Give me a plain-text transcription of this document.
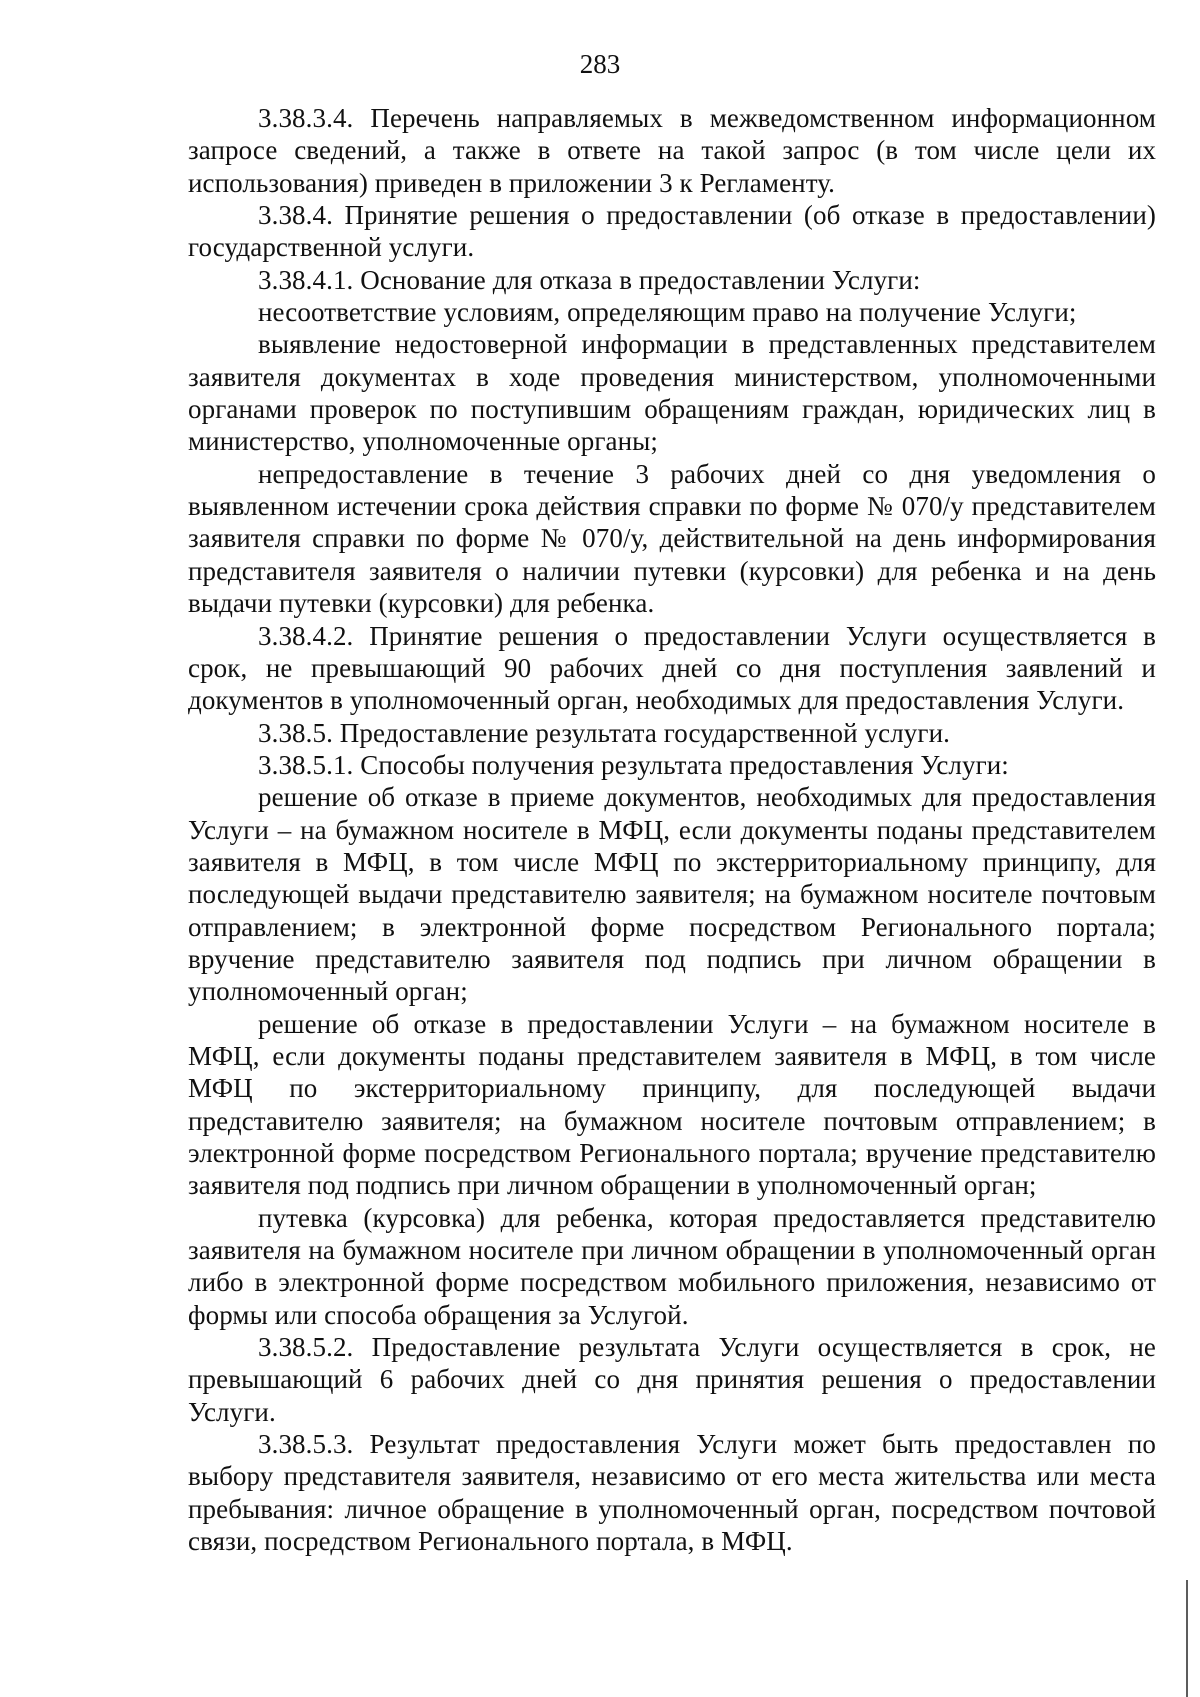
283

3.38.3.4. Перечень направляемых в межведомственном информационном запросе сведений, а также в ответе на такой запрос (в том числе цели их использования) приведен в приложении 3 к Регламенту.

3.38.4. Принятие решения о предоставлении (об отказе в предоставлении) государственной услуги.

3.38.4.1. Основание для отказа в предоставлении Услуги:

несоответствие условиям, определяющим право на получение Услуги;

выявление недостоверной информации в представленных представителем заявителя документах в ходе проведения министерством, уполномоченными органами проверок по поступившим обращениям граждан, юридических лиц в министерство, уполномоченные органы;

непредоставление в течение 3 рабочих дней со дня уведомления о выявленном истечении срока действия справки по форме № 070/у представителем заявителя справки по форме № 070/у, действительной на день информирования представителя заявителя о наличии путевки (курсовки) для ребенка и на день выдачи путевки (курсовки) для ребенка.

3.38.4.2. Принятие решения о предоставлении Услуги осуществляется в срок, не превышающий 90 рабочих дней со дня поступления заявлений и документов в уполномоченный орган, необходимых для предоставления Услуги.

3.38.5. Предоставление результата государственной услуги.

3.38.5.1. Способы получения результата предоставления Услуги:

решение об отказе в приеме документов, необходимых для предоставления Услуги – на бумажном носителе в МФЦ, если документы поданы представителем заявителя в МФЦ, в том числе МФЦ по экстерриториальному принципу, для последующей выдачи представителю заявителя; на бумажном носителе почтовым отправлением; в электронной форме посредством Регионального портала; вручение представителю заявителя под подпись при личном обращении в уполномоченный орган;

решение об отказе в предоставлении Услуги – на бумажном носителе в МФЦ, если документы поданы представителем заявителя в МФЦ, в том числе МФЦ по экстерриториальному принципу, для последующей выдачи представителю заявителя; на бумажном носителе почтовым отправлением; в электронной форме посредством Регионального портала; вручение представителю заявителя под подпись при личном обращении в уполномоченный орган;

путевка (курсовка) для ребенка, которая предоставляется представителю заявителя на бумажном носителе при личном обращении в уполномоченный орган либо в электронной форме посредством мобильного приложения, независимо от формы или способа обращения за Услугой.

3.38.5.2. Предоставление результата Услуги осуществляется в срок, не превышающий 6 рабочих дней со дня принятия решения о предоставлении Услуги.

3.38.5.3. Результат предоставления Услуги может быть предоставлен по выбору представителя заявителя, независимо от его места жительства или места пребывания: личное обращение в уполномоченный орган, посредством почтовой связи, посредством Регионального портала, в МФЦ.
